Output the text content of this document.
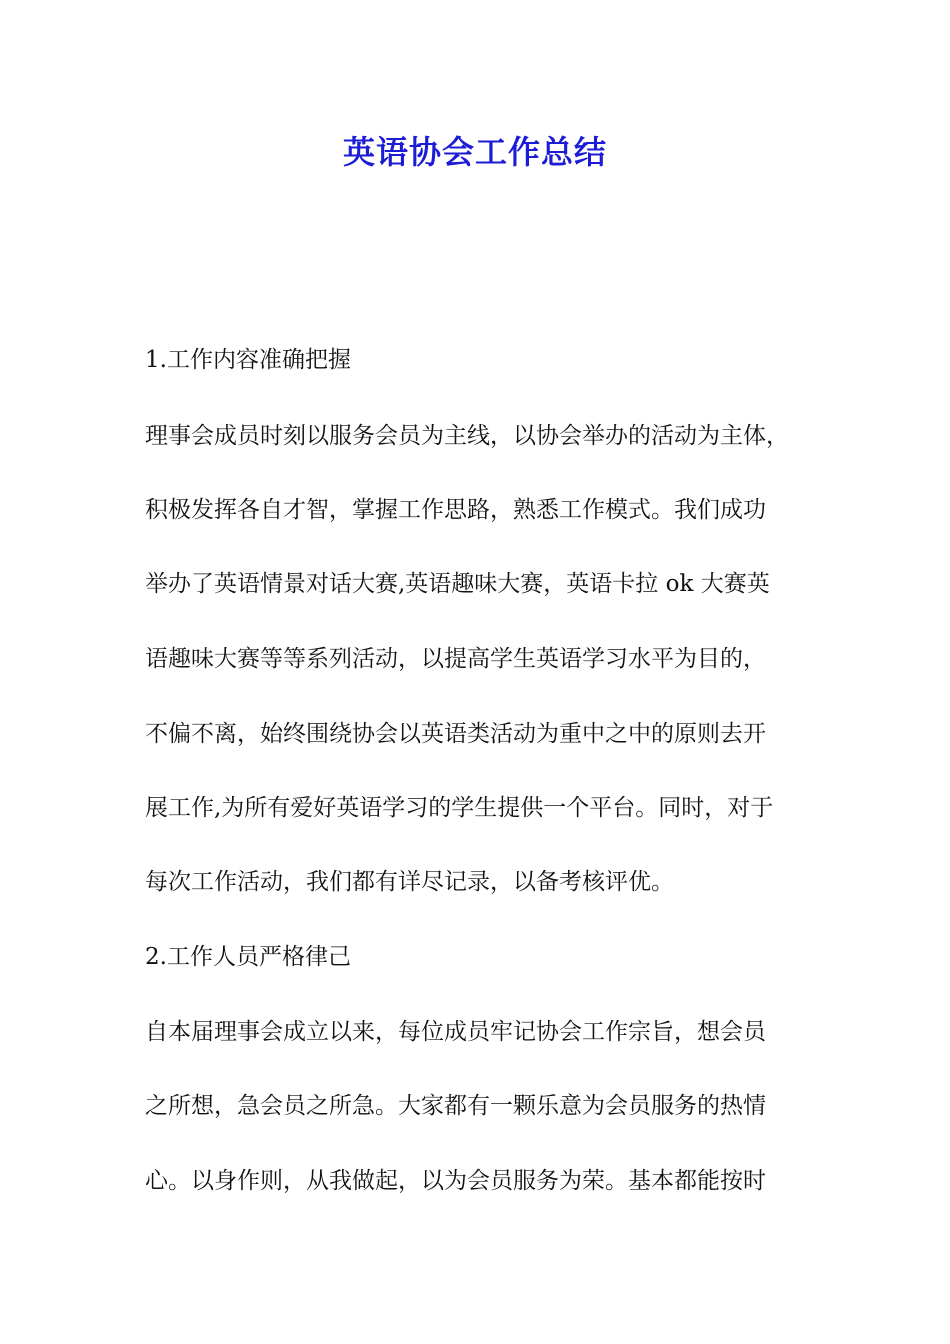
英语协会工作总结
1.工作内容准确把握
理事会成员时刻以服务会员为主线，以协会举办的活动为主体，
积极发挥各自才智，掌握工作思路，熟悉工作模式。我们成功
举办了英语情景对话大赛,英语趣味大赛，英语卡拉 ok 大赛英
语趣味大赛等等系列活动，以提高学生英语学习水平为目的，
不偏不离，始终围绕协会以英语类活动为重中之中的原则去开
展工作,为所有爱好英语学习的学生提供一个平台。同时，对于
每次工作活动，我们都有详尽记录，以备考核评优。
2.工作人员严格律己
自本届理事会成立以来，每位成员牢记协会工作宗旨，想会员
之所想，急会员之所急。大家都有一颗乐意为会员服务的热情
心。以身作则，从我做起，以为会员服务为荣。基本都能按时
